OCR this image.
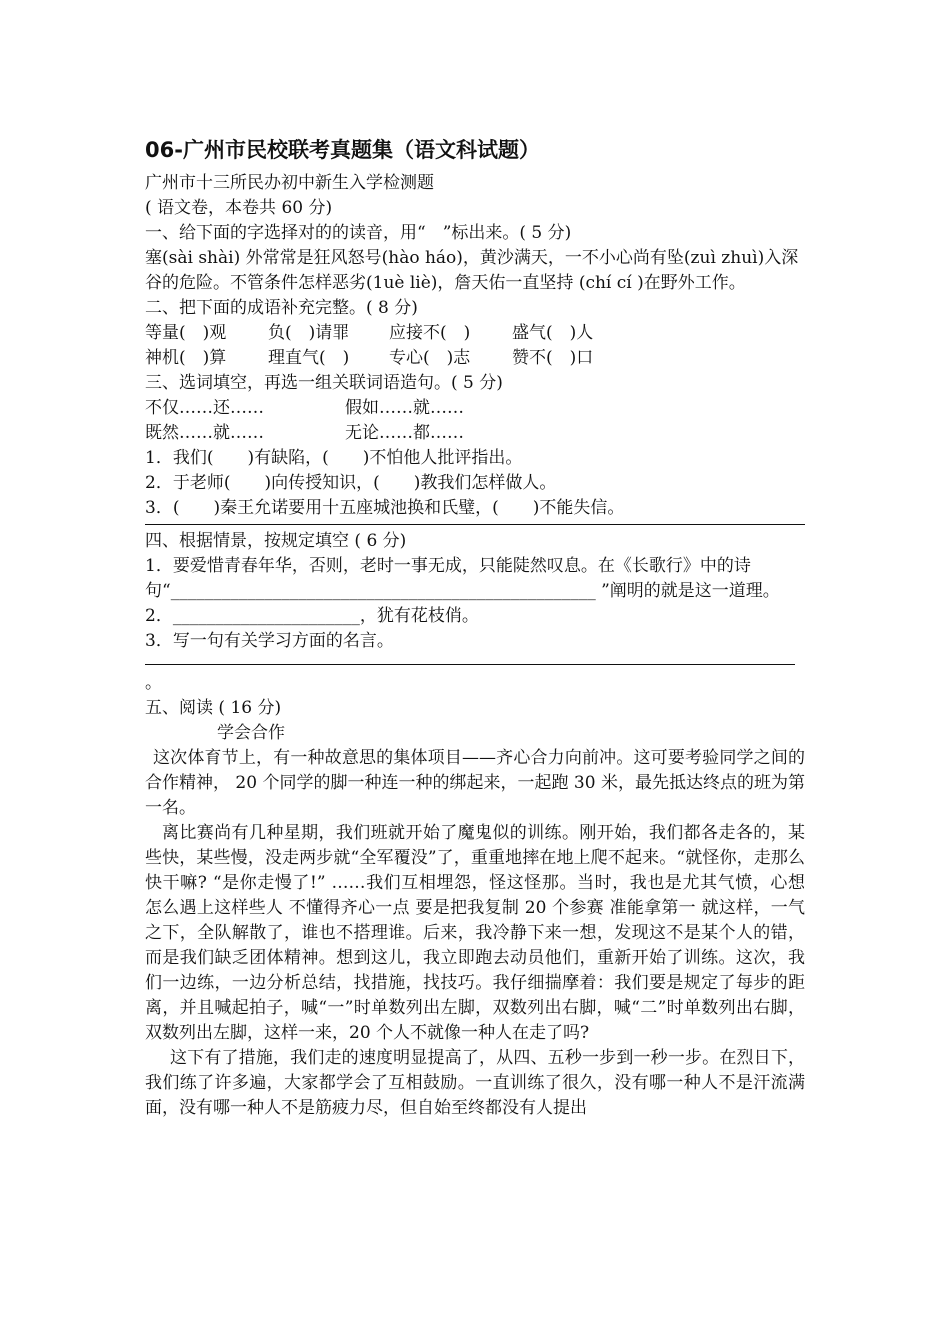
06-广州市民校联考真题集（语文科试题）
广州市十三所民办初中新生入学检测题
( 语文卷，本卷共 60 分)
一、给下面的字选择对的的读音，用“　”标出来。( 5 分)
塞(sài shài) 外常常是狂风怒号(hào háo)，黄沙满天，一不小心尚有坠(zuì zhuì)入深谷的危险。不管条件怎样恶劣(1uè liè)，詹天佑一直坚持 (chí cí )在野外工作。
二、把下面的成语补充完整。( 8 分)
等量(　)观	负(　)请罪	应接不(　)	盛气(　)人
神机(　)算	理直气(　)	专心(　)志	赞不(　)口
三、选词填空，再选一组关联词语造句。( 5 分)
不仅……还……	假如……就……
既然……就……	无论……都……
1．我们(　　)有缺陷，(　　)不怕他人批评指出。
2．于老师(　　)向传授知识，(　　)教我们怎样做人。
3．(　　)秦王允诺要用十五座城池换和氏璧，(　　)不能失信。
四、根据情景，按规定填空 ( 6 分)
1．要爱惜青春年华，否则，老时一事无成，只能陡然叹息。在《长歌行》中的诗句“__________________________________________________ ”阐明的就是这一道理。
2．______________________，犹有花枝俏。
3．写一句有关学习方面的名言。
。
五、阅读 ( 16 分)
学会合作
这次体育节上，有一种故意思的集体项目——齐心合力向前冲。这可要考验同学之间的合作精神， 20 个同学的脚一种连一种的绑起来，一起跑 30 米，最先抵达终点的班为第一名。
离比赛尚有几种星期，我们班就开始了魔鬼似的训练。刚开始，我们都各走各的，某些快，某些慢，没走两步就“全军覆没”了，重重地摔在地上爬不起来。“就怪你，走那么快干嘛? “是你走慢了!” ……我们互相埋怨，怪这怪那。当时，我也是尤其气愤，心想 怎么遇上这样些人 不懂得齐心一点 要是把我复制 20 个参赛 准能拿第一 就这样，一气之下，全队解散了，谁也不搭理谁。后来，我冷静下来一想，发现这不是某个人的错，而是我们缺乏团体精神。想到这儿，我立即跑去动员他们，重新开始了训练。这次，我们一边练，一边分析总结，找措施，找技巧。我仔细揣摩着：我们要是规定了每步的距离，并且喊起拍子，喊“一”时单数列出左脚，双数列出右脚，喊“二”时单数列出右脚，双数列出左脚，这样一来，20 个人不就像一种人在走了吗?
这下有了措施，我们走的速度明显提高了，从四、五秒一步到一秒一步。在烈日下，我们练了许多遍，大家都学会了互相鼓励。一直训练了很久，没有哪一种人不是汗流满面，没有哪一种人不是筋疲力尽，但自始至终都没有人提出
